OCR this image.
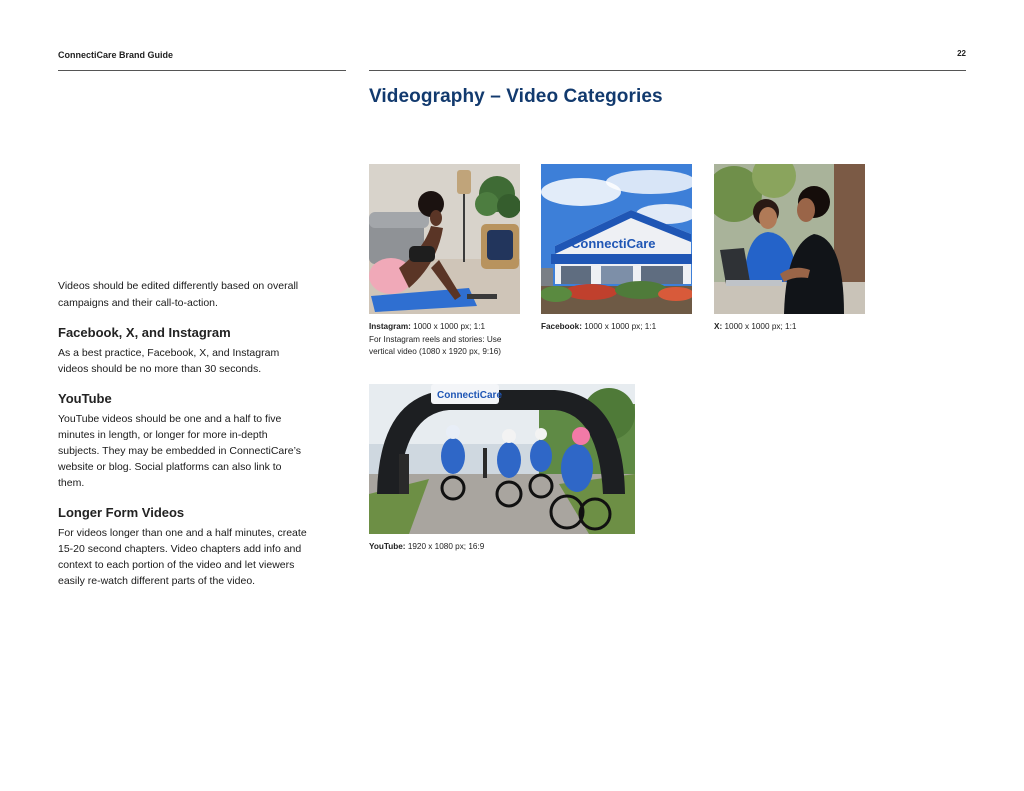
ConnectiCare Brand Guide	22
Videography – Video Categories

Videos should be edited differently based on overall campaigns and their call-to-action.

Facebook, X, and Instagram

As a best practice, Facebook, X, and Instagram videos should be no more than 30 seconds.

YouTube

YouTube videos should be one and a half to five minutes in length, or longer for more in-depth subjects. They may be embedded in ConnectiCare’s website or blog. Social platforms can also link to them.

Longer Form Videos

For videos longer than one and a half minutes, create 15-20 second chapters. Video chapters add info and context to each portion of the video and let viewers easily re-watch different parts of the video.

Instagram: 1000 x 1000 px; 1:1
For Instagram reels and stories: Use vertical video (1080 x 1920 px, 9:16)
ConnectiCare
Facebook: 1000 x 1000 px; 1:1	X: 1000 x 1000 px; 1:1
ConnectiCare
YouTube: 1920 x 1080 px; 16:9
